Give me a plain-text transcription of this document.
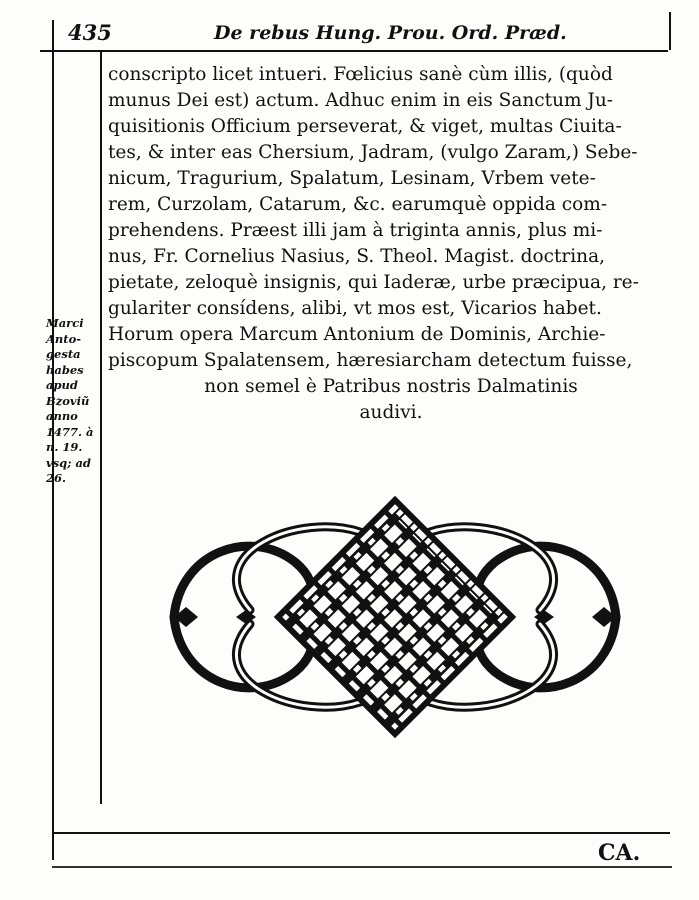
435	De rebus Hung. Prou. Ord. Præd.
conscripto licet intueri. Fœlicius sanè cùm illis, (quòd
munus Dei est) actum. Adhuc enim in eis Sanctum Ju-
quisitionis Officium perseverat, & viget, multas Ciuita-
tes, & inter eas Chersium, Jadram, (vulgo Zaram,) Sebe-
nicum, Tragurium, Spalatum, Lesinam, Vrbem vete-
rem, Curzolam, Catarum, &c. earumquè oppida com-
prehendens. Præest illi jam à triginta annis, plus mi-
nus, Fr. Cornelius Nasius, S. Theol. Magist. doctrina,
pietate, zeloquè insignis, qui Iaderæ, urbe præcipua, re-
gulariter consídens, alibi, vt mos est, Vicarios habet.
Horum opera Marcum Antonium de Dominis, Archie-
piscopum Spalatensem, hæresiarcham detectum fuisse,
non semel è Patribus nostris Dalmatinis
audivi.
Marci
Anto-
gesta
habes
apud
Bzoviũ
anno
1477. à
n. 19.
vsq; ad
26.
CA.
